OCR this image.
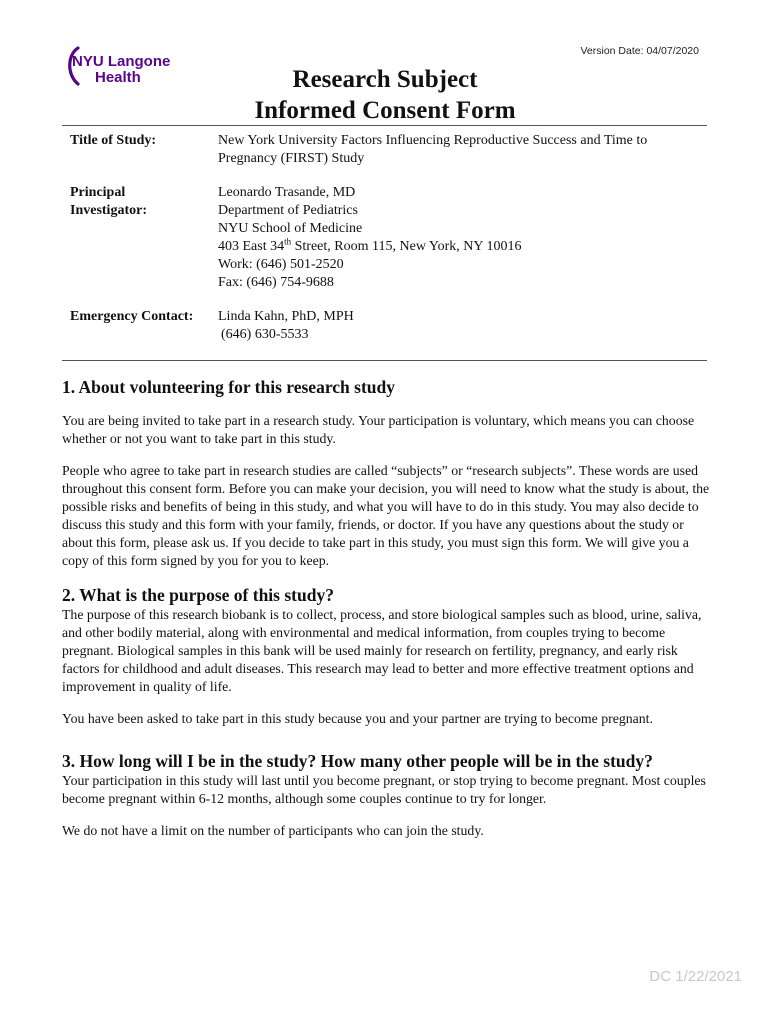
Version Date: 04/07/2020
NYU Langone
Health	Research Subject
Informed Consent Form
Title of Study:	New York University Factors Influencing Reproductive Success and Time to
Pregnancy (FIRST) Study
Principal
Investigator:
Leonardo Trasande, MD
Department of Pediatrics
NYU School of Medicine
403 East 34th Street, Room 115, New York, NY 10016
Work: (646) 501-2520
Fax: (646) 754-9688
Emergency Contact:	Linda Kahn, PhD, MPH
(646) 630-5533
1. About volunteering for this research study

You are being invited to take part in a research study. Your participation is voluntary, which means you can choose whether or not you want to take part in this study.

People who agree to take part in research studies are called “subjects” or “research subjects”. These words are used throughout this consent form. Before you can make your decision, you will need to know what the study is about, the possible risks and benefits of being in this study, and what you will have to do in this study. You may also decide to discuss this study and this form with your family, friends, or doctor. If you have any questions about the study or about this form, please ask us. If you decide to take part in this study, you must sign this form. We will give you a copy of this form signed by you for you to keep.

2. What is the purpose of this study?

The purpose of this research biobank is to collect, process, and store biological samples such as blood, urine, saliva, and other bodily material, along with environmental and medical information, from couples trying to become pregnant. Biological samples in this bank will be used mainly for research on fertility, pregnancy, and early risk factors for childhood and adult diseases. This research may lead to better and more effective treatment options and improvement in quality of life.

You have been asked to take part in this study because you and your partner are trying to become pregnant.

3. How long will I be in the study? How many other people will be in the study?

Your participation in this study will last until you become pregnant, or stop trying to become pregnant. Most couples become pregnant within 6-12 months, although some couples continue to try for longer.

We do not have a limit on the number of participants who can join the study.

DC 1/22/2021
